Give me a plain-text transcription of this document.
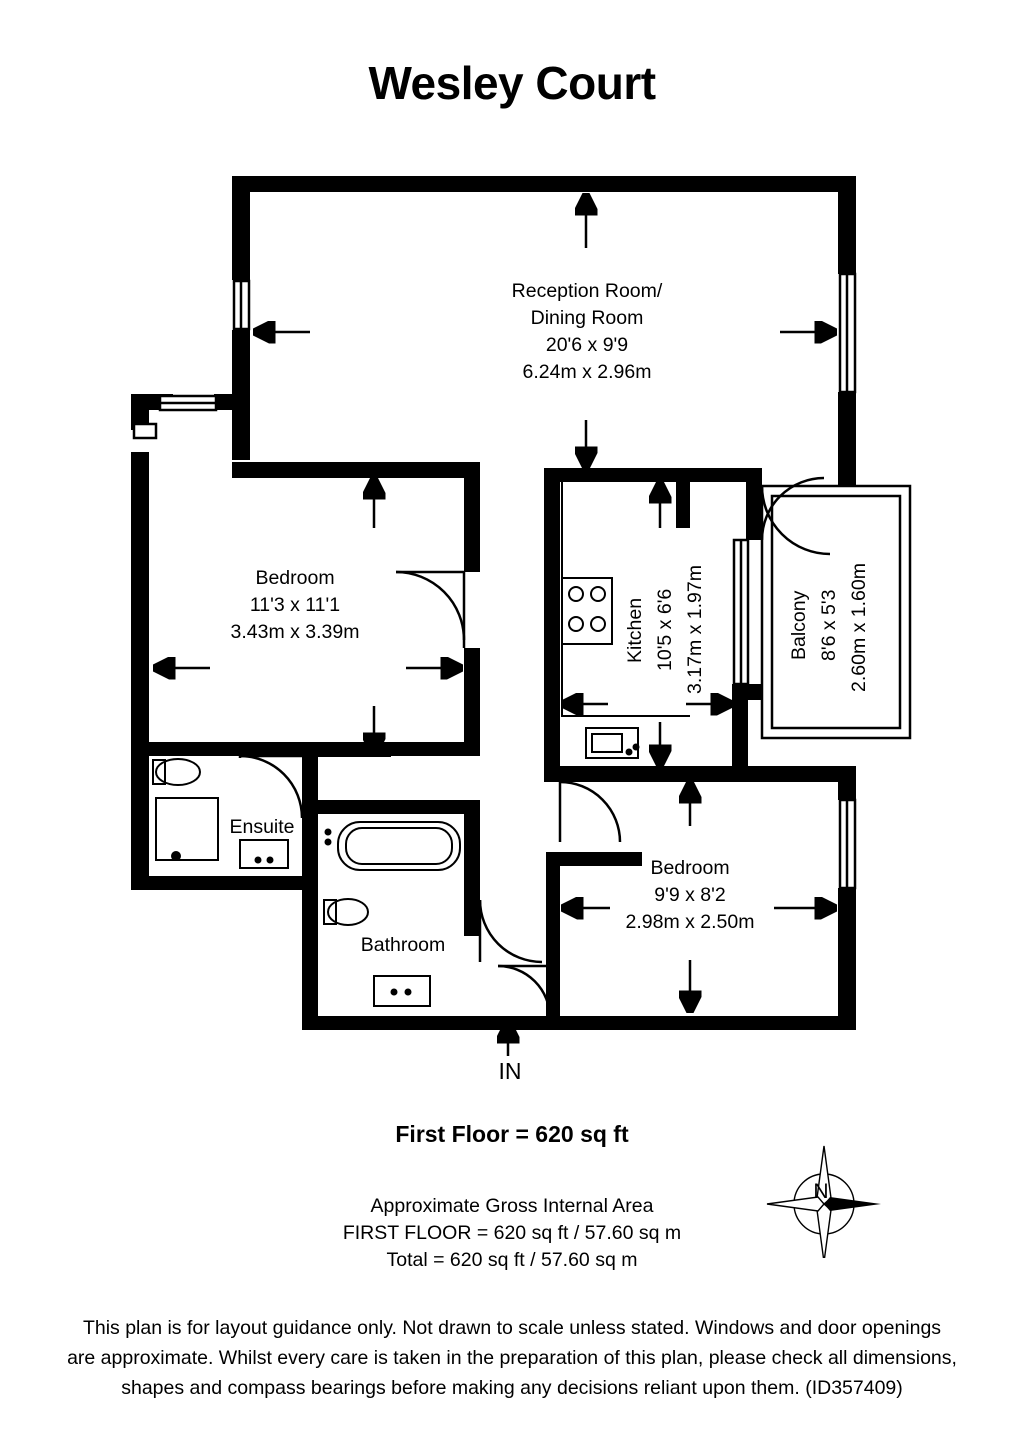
Wesley Court
Reception Room/
Dining Room
20'6 x 9'9
6.24m x 2.96m
Bedroom
11'3 x 11'1
3.43m x 3.39m	Kitchen 10'5 x 6'6 3.17m x 1.97m	Balcony 8'6 x 5'3 2.60m x 1.60m
Bedroom
9'9 x 8'2
2.98m x 2.50m
Ensuite
Bathroom
IN
First Floor = 620 sq ft
Approximate Gross Internal Area
FIRST FLOOR = 620 sq ft / 57.60 sq m
Total = 620 sq ft / 57.60 sq m
N
This plan is for layout guidance only. Not drawn to scale unless stated. Windows and door openings
are approximate. Whilst every care is taken in the preparation of this plan, please check all dimensions,
shapes and compass bearings before making any decisions reliant upon them. (ID357409)
